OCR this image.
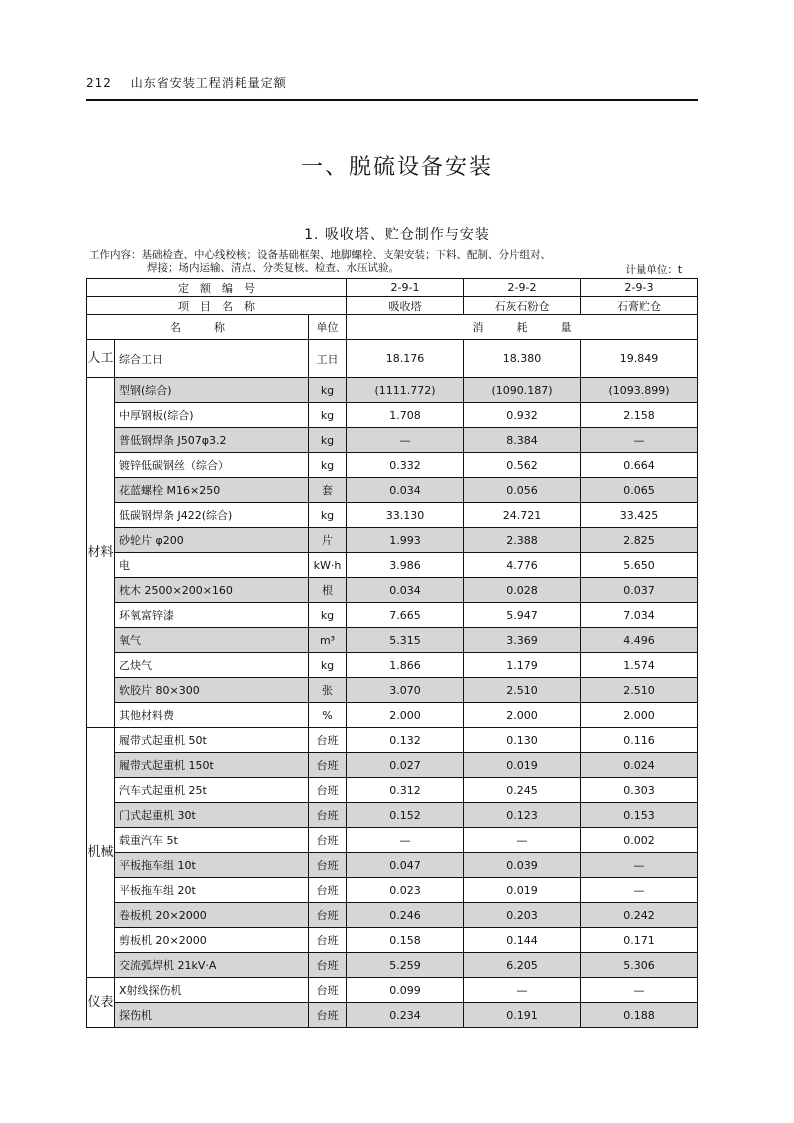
212 山东省安装工程消耗量定额
一、脱硫设备安装
1. 吸收塔、贮仓制作与安装
工作内容：基础检查、中心线校核；设备基础框架、地脚螺栓、支架安装；下料、配制、分片组对、
焊接；场内运输、清点、分类复核、检查、水压试验。	计量单位：t
定　额　编　号			2-9-1	2-9-2	2-9-3
项　目　名　称			吸收塔	石灰石粉仓	石膏贮仓
名　　　称		单位	消　　　耗　　　量		
人工	综合工日	工日	18.176	18.380	19.849
材料	型钢(综合)	kg	(1111.772)	(1090.187)	(1093.899)
	中厚钢板(综合)	kg	1.708	0.932	2.158
	普低钢焊条 J507φ3.2	kg	—	8.384	—
	镀锌低碳钢丝（综合）	kg	0.332	0.562	0.664
	花蓝螺栓 M16×250	套	0.034	0.056	0.065
	低碳钢焊条 J422(综合)	kg	33.130	24.721	33.425
	砂轮片 φ200	片	1.993	2.388	2.825
	电	kW·h	3.986	4.776	5.650
	枕木 2500×200×160	根	0.034	0.028	0.037
	环氧富锌漆	kg	7.665	5.947	7.034
	氧气	m³	5.315	3.369	4.496
	乙炔气	kg	1.866	1.179	1.574
	软胶片 80×300	张	3.070	2.510	2.510
	其他材料费	%	2.000	2.000	2.000
机械	履带式起重机 50t	台班	0.132	0.130	0.116
	履带式起重机 150t	台班	0.027	0.019	0.024
	汽车式起重机 25t	台班	0.312	0.245	0.303
	门式起重机 30t	台班	0.152	0.123	0.153
	载重汽车 5t	台班	—	—	0.002
	平板拖车组 10t	台班	0.047	0.039	—
	平板拖车组 20t	台班	0.023	0.019	—
	卷板机 20×2000	台班	0.246	0.203	0.242
	剪板机 20×2000	台班	0.158	0.144	0.171
	交流弧焊机 21kV·A	台班	5.259	6.205	5.306
仪表	X射线探伤机	台班	0.099	—	—
	探伤机	台班	0.234	0.191	0.188
